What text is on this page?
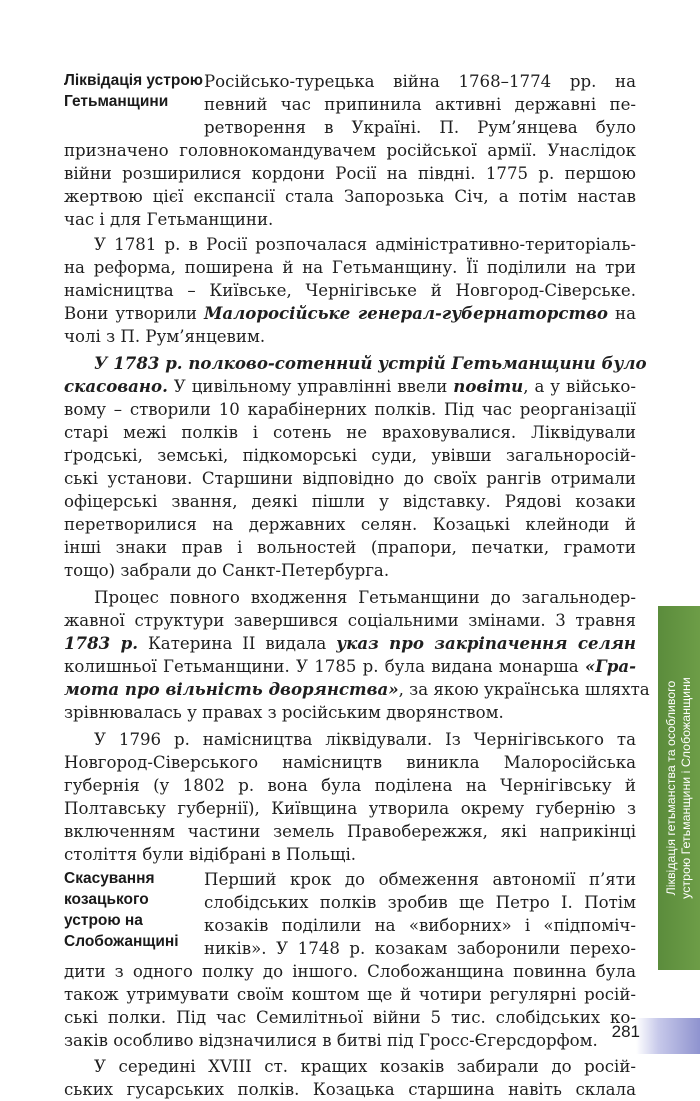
Ліквідація устрою Гетьманщини
Скасування козацького устрою на Слобожанщині
Російсько-турецька війна 1768–1774 рр. на
певний час припинила активні державні пе-
ретворення в Україні. П. Рум’янцева було
призначено головнокомандувачем російської армії. Унаслідок
війни розширилися кордони Росії на півдні. 1775 р. першою
жертвою цієї експансії стала Запорозька Січ, а потім настав
час і для Гетьманщини.
У 1781 р. в Росії розпочалася адміністративно-територіаль-
на реформа, поширена й на Гетьманщину. Її поділили на три
намісництва – Київське, Чернігівське й Новгород-Сіверське.
Вони утворили Малоросійське генерал-губернаторство на
чолі з П. Рум’янцевим.
У 1783 р. полково-сотенний устрій Гетьманщини було
скасовано. У цивільному управлінні ввели повіти, а у військо-
вому – створили 10 карабінерних полків. Під час реорганізації
старі межі полків і сотень не враховувалися. Ліквідували
ґродські, земські, підкоморські суди, увівши загальноросій-
ські установи. Старшини відповідно до своїх рангів отримали
офіцерські звання, деякі пішли у відставку. Рядові козаки
перетворилися на державних селян. Козацькі клейноди й
інші знаки прав і вольностей (прапори, печатки, грамоти
тощо) забрали до Санкт-Петербурга.
Процес повного входження Гетьманщини до загальнодер-
жавної структури завершився соціальними змінами. 3 травня
1783 р. Катерина ІІ видала указ про закріпачення селян
колишньої Гетьманщини. У 1785 р. була видана монарша «Гра-
мота про вільність дворянства», за якою українська шляхта
зрівнювалась у правах з російським дворянством.
У 1796 р. намісництва ліквідували. Із Чернігівського та
Новгород-Сіверського намісництв виникла Малоросійська
губернія (у 1802 р. вона була поділена на Чернігівську й
Полтавську губернії), Київщина утворила окрему губернію з
включенням частини земель Правобережжя, які наприкінці
століття були відібрані в Польщі.
Перший крок до обмеження автономії п’яти
слобідських полків зробив ще Петро І. Потім
козаків поділили на «виборних» і «підпоміч-
ників». У 1748 р. козакам заборонили перехо-
дити з одного полку до іншого. Слобожанщина повинна була
також утримувати своїм коштом ще й чотири регулярні росій-
ські полки. Під час Семилітньої війни 5 тис. слобідських ко-
заків особливо відзначилися в битві під Гросс-Єгерсдорфом.
У середині XVIII ст. кращих козаків забирали до росій-
ських гусарських полків. Козацька старшина навіть склала
Ліквідація гетьманства та особливого устрою Гетьманщини і Слобожанщини
281
